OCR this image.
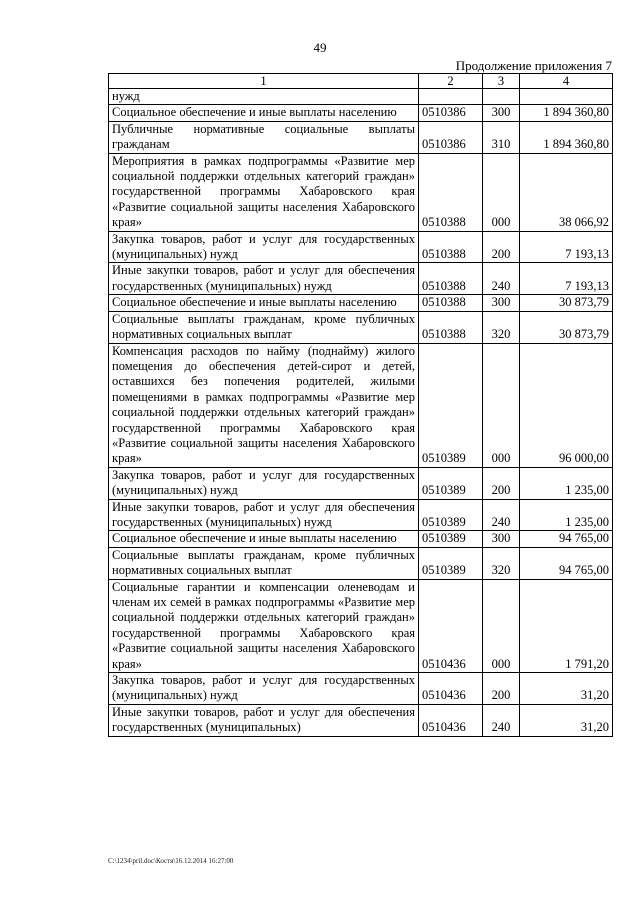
49
Продолжение приложения 7
1	2	3	4
нужд			
Социальное обеспечение и иные выплаты населению	0510386	300	1 894 360,80
Публичные нормативные социальные выплаты гражданам	0510386	310	1 894 360,80
Мероприятия в рамках подпрограммы «Развитие мер социальной поддержки отдельных категорий граждан» государственной программы Хабаровского края «Развитие социальной защиты населения Хабаровского края»	0510388	000	38 066,92
Закупка товаров, работ и услуг для государственных (муниципальных) нужд	0510388	200	7 193,13
Иные закупки товаров, работ и услуг для обеспечения государственных (муниципальных) нужд	0510388	240	7 193,13
Социальное обеспечение и иные выплаты населению	0510388	300	30 873,79
Социальные выплаты гражданам, кроме публичных нормативных социальных выплат	0510388	320	30 873,79
Компенсация расходов по найму (поднайму) жилого помещения до обеспечения детей-сирот и детей, оставшихся без попечения родителей, жилыми помещениями в рамках подпрограммы «Развитие мер социальной поддержки отдельных категорий граждан» государственной программы Хабаровского края «Развитие социальной защиты населения Хабаровского края»	0510389	000	96 000,00
Закупка товаров, работ и услуг для государственных (муниципальных) нужд	0510389	200	1 235,00
Иные закупки товаров, работ и услуг для обеспечения государственных (муниципальных) нужд	0510389	240	1 235,00
Социальное обеспечение и иные выплаты населению	0510389	300	94 765,00
Социальные выплаты гражданам, кроме публичных нормативных социальных выплат	0510389	320	94 765,00
Социальные гарантии и компенсации оленеводам и членам их семей в рамках подпрограммы «Развитие мер социальной поддержки отдельных категорий граждан» государственной программы Хабаровского края «Развитие социальной защиты населения Хабаровского края»	0510436	000	1 791,20
Закупка товаров, работ и услуг для государственных (муниципальных) нужд	0510436	200	31,20
Иные закупки товаров, работ и услуг для обеспечения государственных (муниципальных)	0510436	240	31,20
C:\1234\pril.doc\Костя\16.12.2014 16:27:00
